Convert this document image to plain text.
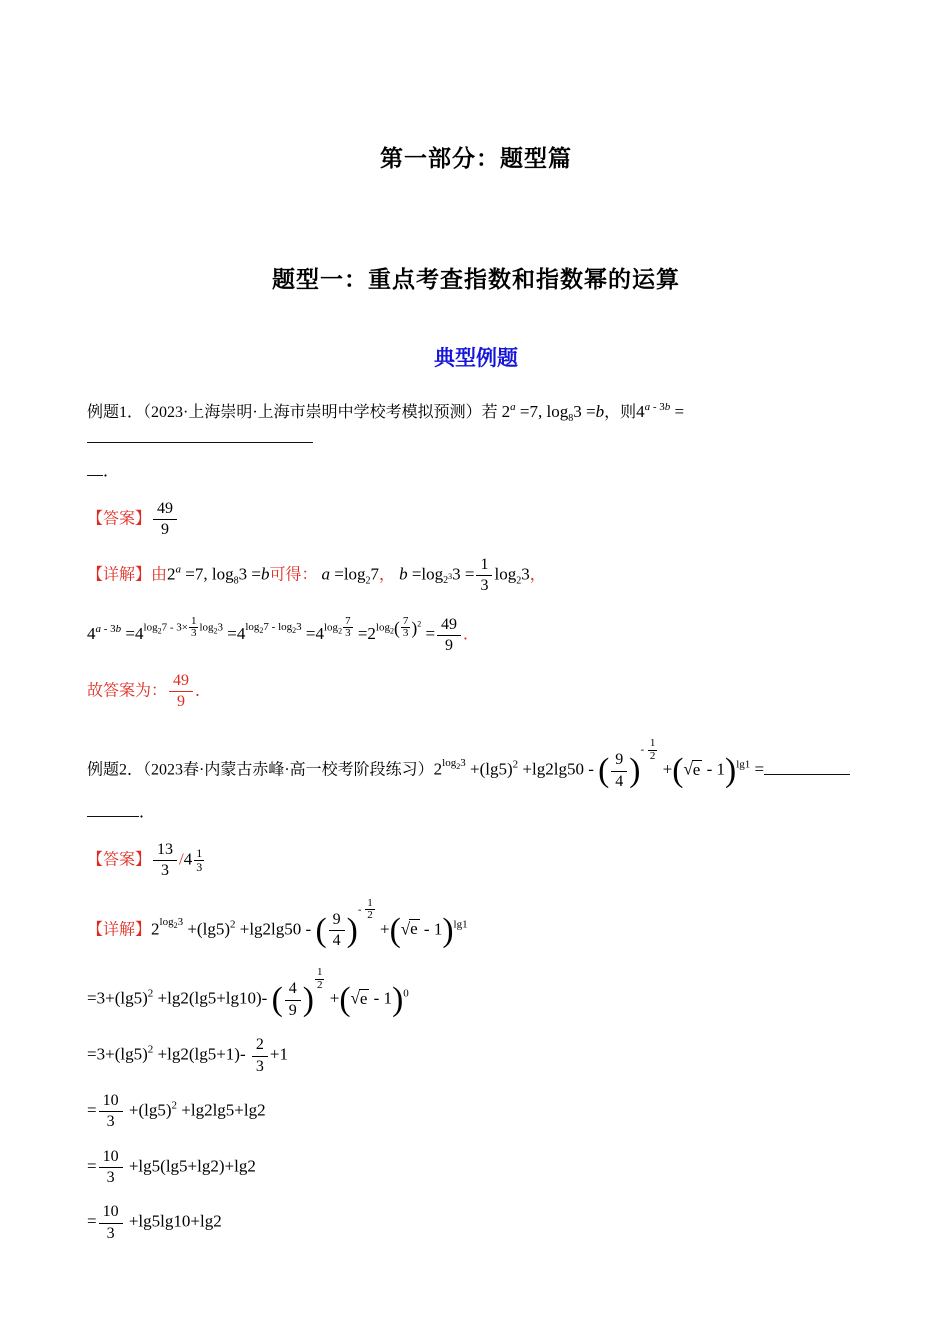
第一部分：题型篇
题型一：重点考查指数和指数幂的运算
典型例题
例题1．（2023·上海崇明·上海市崇明中学校考模拟预测）若 $2^a =7$, $\log_83 =b$，则$4^{a - 3b}$ =
．
【答案】 $\frac{49}{9}$
【详解】由$2^a =7$, $\log_83 =b$可得： $a =\log_27$， $b =\log_{2^3}3 = \frac{1}{3} \log_23$，
$4^{a - 3b} =4^{log_27 - 3\times \frac{1}{3} log_23} =4^{log_27 - log_23} =4^{log_2 \frac{7}{3}} =2^{log_2( \frac{7}{3} )^2} = \frac{49}{9}$ ．
故答案为： $\frac{49}{9}$ ．
例题2．（2023春·内蒙古赤峰·高一校考阶段练习）$2^{log_23} +(\lg 5)^2 +\lg 2\lg 50$ - ( $\frac{9}{4} )^{- \frac{1}{2}}$
+(√e - 1)$^{lg1}$ =
．
【答案】 $\frac{13}{3} /4 \frac{1}{3}$
【详解】$2^{log_23} +(\lg 5)^2 +\lg 2\lg 50$ - ( $\frac{9}{4} )^{- \frac{1}{2}}$
+(√e - 1)$^{lg1}$
$=3+(\lg 5)^2 +\lg 2(\lg 5+\lg 10)-$ ( $\frac{4}{9}$ )
$^{\frac{1}{2}}$
+(√e - 1)$^0$
$=3+(\lg 5)^2 +\lg 2(\lg 5+1)- \frac{2}{3} +1$
= $\frac{10}{3} +(\lg 5)^2 +\lg 2\lg 5+\lg 2$
= $\frac{10}{3} +\lg 5(\lg 5+\lg 2)+\lg 2$
= $\frac{10}{3} +\lg 5\lg 10+\lg 2$
